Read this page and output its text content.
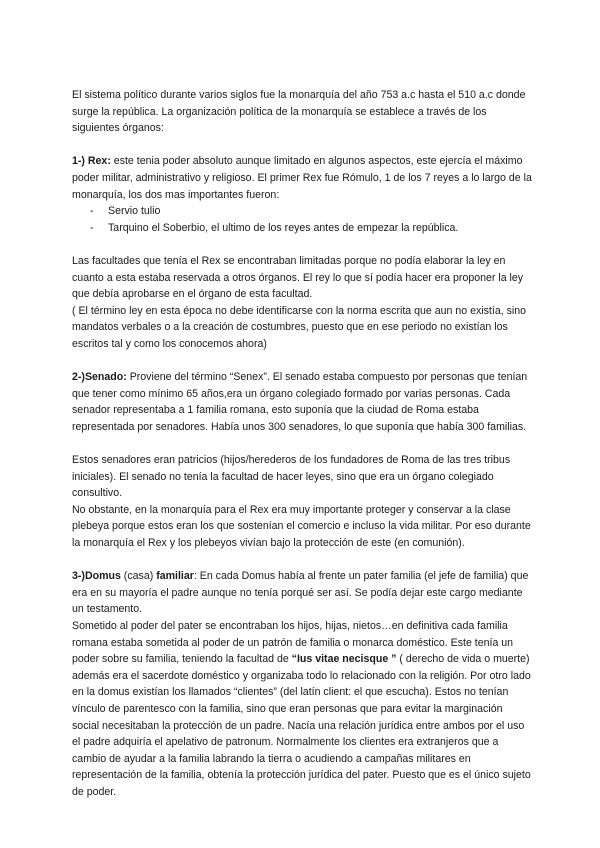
El sistema político durante varios siglos fue la monarquía del año 753 a.c hasta el 510 a.c donde surge la república. La organización política de la monarquía se establece a través de los siguientes órganos:

1-) Rex: este tenia poder absoluto aunque limitado en algunos aspectos, este ejercía el máximo poder militar, administrativo y religioso. El primer Rex fue Rómulo, 1 de los 7 reyes a lo largo de la monarquía, los dos mas importantes fueron:

- Servio tulio
- Tarquino el Soberbio, el ultimo de los reyes antes de empezar la república.

Las facultades que tenía el Rex se encontraban limitadas porque no podía elaborar la ley en cuanto a esta estaba reservada a otros órganos. El rey lo que sí podía hacer era proponer la ley que debía aprobarse en el órgano de esta facultad.

( El término ley en esta época no debe identificarse con la norma escrita que aun no existía, sino mandatos verbales o a la creación de costumbres, puesto que en ese periodo no existían los escritos tal y como los conocemos ahora)

2-)Senado: Proviene del término “Senex”. El senado estaba compuesto por personas que tenían que tener como mínimo 65 años,era un órgano colegiado formado por varias personas. Cada senador representaba a 1 familia romana, esto suponía que la ciudad de Roma estaba representada por senadores. Había unos 300 senadores, lo que suponía que había 300 familias.

Estos senadores eran patricios (hijos/herederos de los fundadores de Roma de las tres tribus iniciales). El senado no tenía la facultad de hacer leyes, sino que era un órgano colegiado consultivo.

No obstante, en la monarquía para el Rex era muy importante proteger y conservar a la clase plebeya porque estos eran los que sostenían el comercio e incluso la vida militar. Por eso durante la monarquía el Rex y los plebeyos vivían bajo la protección de este (en comunión).

3-)Domus (casa) familiar: En cada Domus había al frente un pater familia (el jefe de familia) que era en su mayoría el padre aunque no tenía porqué ser así. Se podía dejar este cargo mediante un testamento.

Sometido al poder del pater se encontraban los hijos, hijas, nietos…en definitiva cada familia romana estaba sometida al poder de un patrón de familia o monarca doméstico. Este tenía un poder sobre su familia, teniendo la facultad de “Ius vitae necisque ” ( derecho de vida o muerte) además era el sacerdote doméstico y organizaba todo lo relacionado con la religión. Por otro lado en la domus existían los llamados “clientes” (del latín client: el que escucha). Estos no tenían vínculo de parentesco con la familia, sino que eran personas que para evitar la marginación social necesitaban la protección de un padre. Nacía una relación jurídica entre ambos por el uso el padre adquiría el apelativo de patronum. Normalmente los clientes era extranjeros que a cambio de ayudar a la familia labrando la tierra o acudiendo a campañas militares en representación de la familia, obtenía la protección jurídica del pater. Puesto que es el único sujeto de poder.
